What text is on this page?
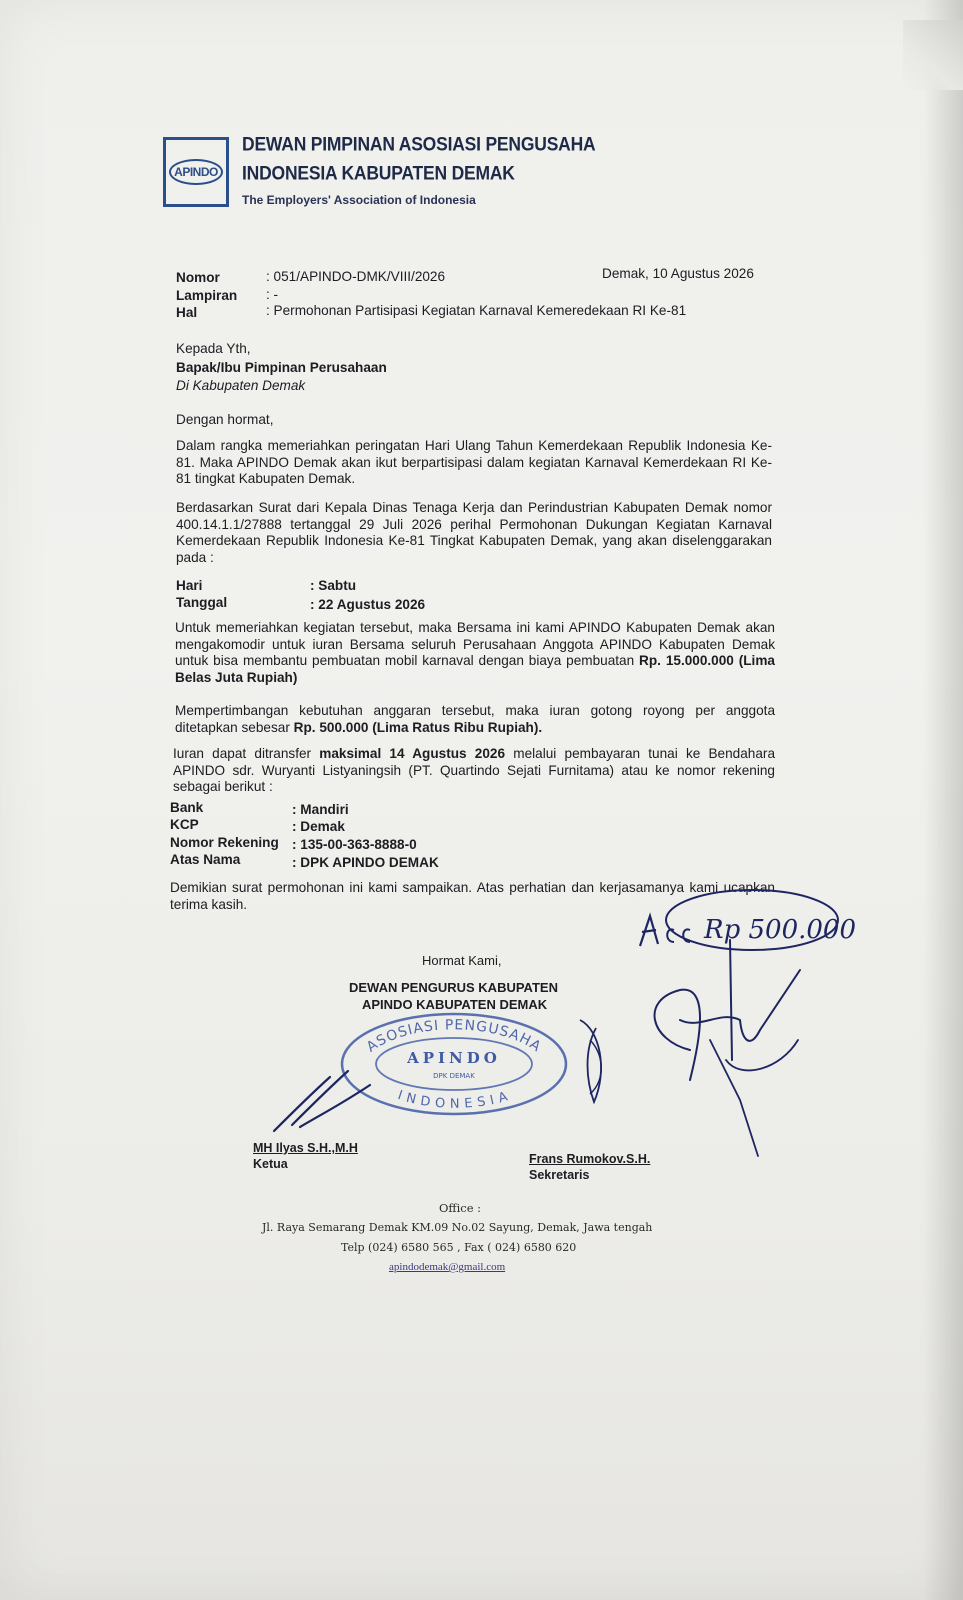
APINDO
DEWAN PIMPINAN ASOSIASI PENGUSAHA
INDONESIA KABUPATEN DEMAK
The Employers' Association of Indonesia
Nomor	: 051/APINDO-DMK/VIII/2026	Demak, 10 Agustus 2026
Lampiran : -
Hal	: Permohonan Partisipasi Kegiatan Karnaval Kemeredekaan RI Ke-81
Kepada Yth,
Bapak/Ibu Pimpinan Perusahaan
Di Kabupaten Demak
Dengan hormat,
Dalam rangka memeriahkan peringatan Hari Ulang Tahun Kemerdekaan Republik Indonesia Ke-81. Maka APINDO Demak akan ikut berpartisipasi dalam kegiatan Karnaval Kemerdekaan RI Ke-81 tingkat Kabupaten Demak.
Berdasarkan Surat dari Kepala Dinas Tenaga Kerja dan Perindustrian Kabupaten Demak nomor 400.14.1.1/27888 tertanggal 29 Juli 2026 perihal Permohonan Dukungan Kegiatan Karnaval Kemerdekaan Republik Indonesia Ke-81 Tingkat Kabupaten Demak, yang akan diselenggarakan pada :
Hari	: Sabtu
Tanggal	: 22 Agustus 2026
Untuk memeriahkan kegiatan tersebut, maka Bersama ini kami APINDO Kabupaten Demak akan mengakomodir untuk iuran Bersama seluruh Perusahaan Anggota APINDO Kabupaten Demak untuk bisa membantu pembuatan mobil karnaval dengan biaya pembuatan Rp. 15.000.000 (Lima Belas Juta Rupiah)
Mempertimbangan kebutuhan anggaran tersebut, maka iuran gotong royong per anggota ditetapkan sebesar Rp. 500.000 (Lima Ratus Ribu Rupiah).
Iuran dapat ditransfer maksimal 14 Agustus 2026 melalui pembayaran tunai ke Bendahara APINDO sdr. Wuryanti Listyaningsih (PT. Quartindo Sejati Furnitama) atau ke nomor rekening sebagai berikut :
Bank	: Mandiri
KCP	: Demak
Nomor Rekening : 135-00-363-8888-0
Atas Nama	: DPK APINDO DEMAK
Demikian surat permohonan ini kami sampaikan. Atas perhatian dan kerjasamanya kami ucapkan terima kasih.
Rp 500.000
Hormat Kami,
DEWAN PENGURUS KABUPATEN
APINDO KABUPATEN DEMAK
ASOSIASI PENGUSAHA
APINDO
DPK DEMAK
INDONESIA
MH Ilyas S.H.,M.H
Ketua	Frans Rumokov.S.H.
Sekretaris
Office :
Jl. Raya Semarang Demak KM.09 No.02 Sayung, Demak, Jawa tengah
Telp (024) 6580 565 , Fax ( 024) 6580 620
apindodemak@gmail.com
